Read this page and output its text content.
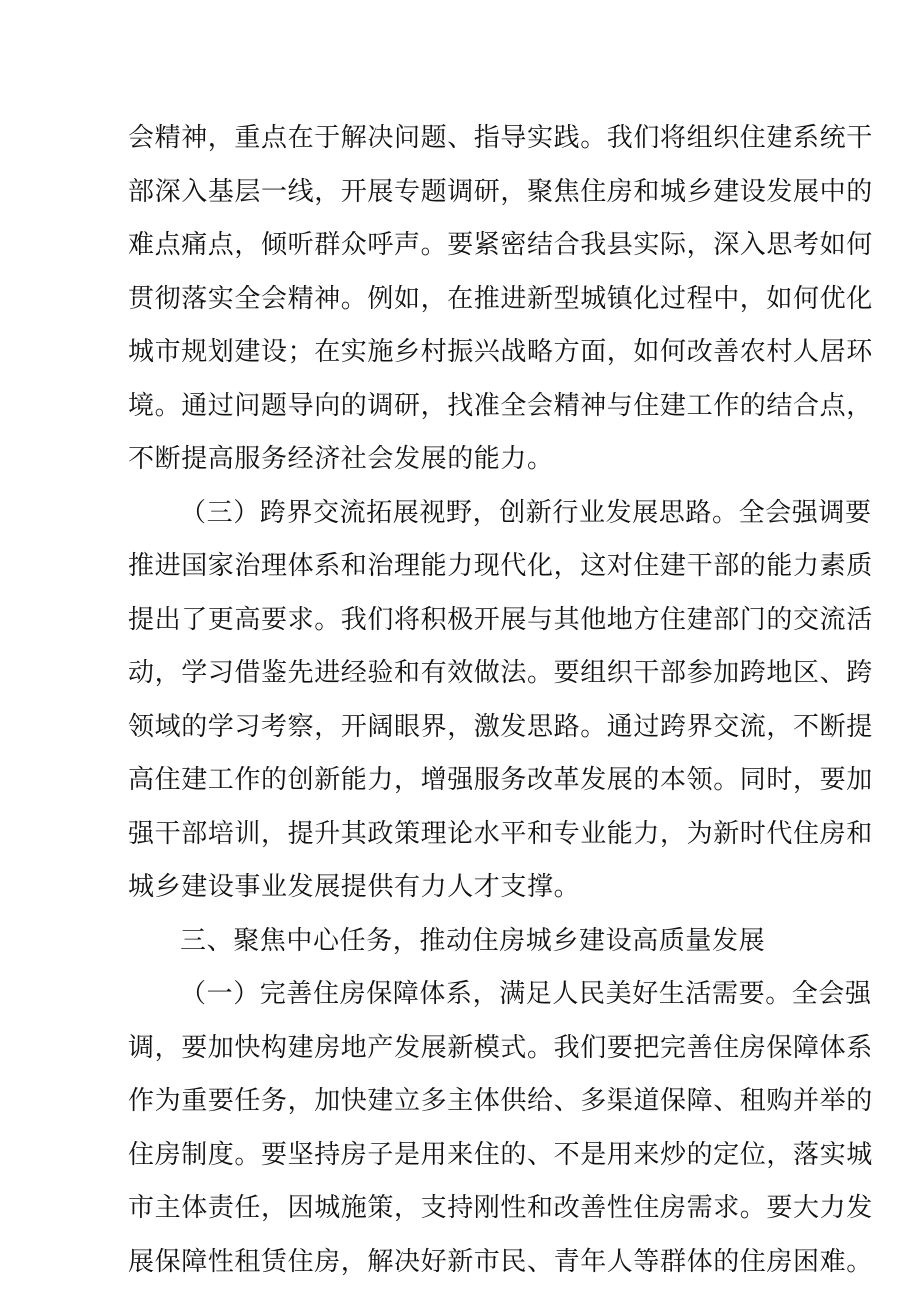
会精神，重点在于解决问题、指导实践。我们将组织住建系统干
部深入基层一线，开展专题调研，聚焦住房和城乡建设发展中的
难点痛点，倾听群众呼声。要紧密结合我县实际，深入思考如何
贯彻落实全会精神。例如，在推进新型城镇化过程中，如何优化
城市规划建设；在实施乡村振兴战略方面，如何改善农村人居环
境。通过问题导向的调研，找准全会精神与住建工作的结合点，
不断提高服务经济社会发展的能力。
（三）跨界交流拓展视野，创新行业发展思路。全会强调要
推进国家治理体系和治理能力现代化，这对住建干部的能力素质
提出了更高要求。我们将积极开展与其他地方住建部门的交流活
动，学习借鉴先进经验和有效做法。要组织干部参加跨地区、跨
领域的学习考察，开阔眼界，激发思路。通过跨界交流，不断提
高住建工作的创新能力，增强服务改革发展的本领。同时，要加
强干部培训，提升其政策理论水平和专业能力，为新时代住房和
城乡建设事业发展提供有力人才支撑。
三、聚焦中心任务，推动住房城乡建设高质量发展
（一）完善住房保障体系，满足人民美好生活需要。全会强
调，要加快构建房地产发展新模式。我们要把完善住房保障体系
作为重要任务，加快建立多主体供给、多渠道保障、租购并举的
住房制度。要坚持房子是用来住的、不是用来炒的定位，落实城
市主体责任，因城施策，支持刚性和改善性住房需求。要大力发
展保障性租赁住房，解决好新市民、青年人等群体的住房困难。
